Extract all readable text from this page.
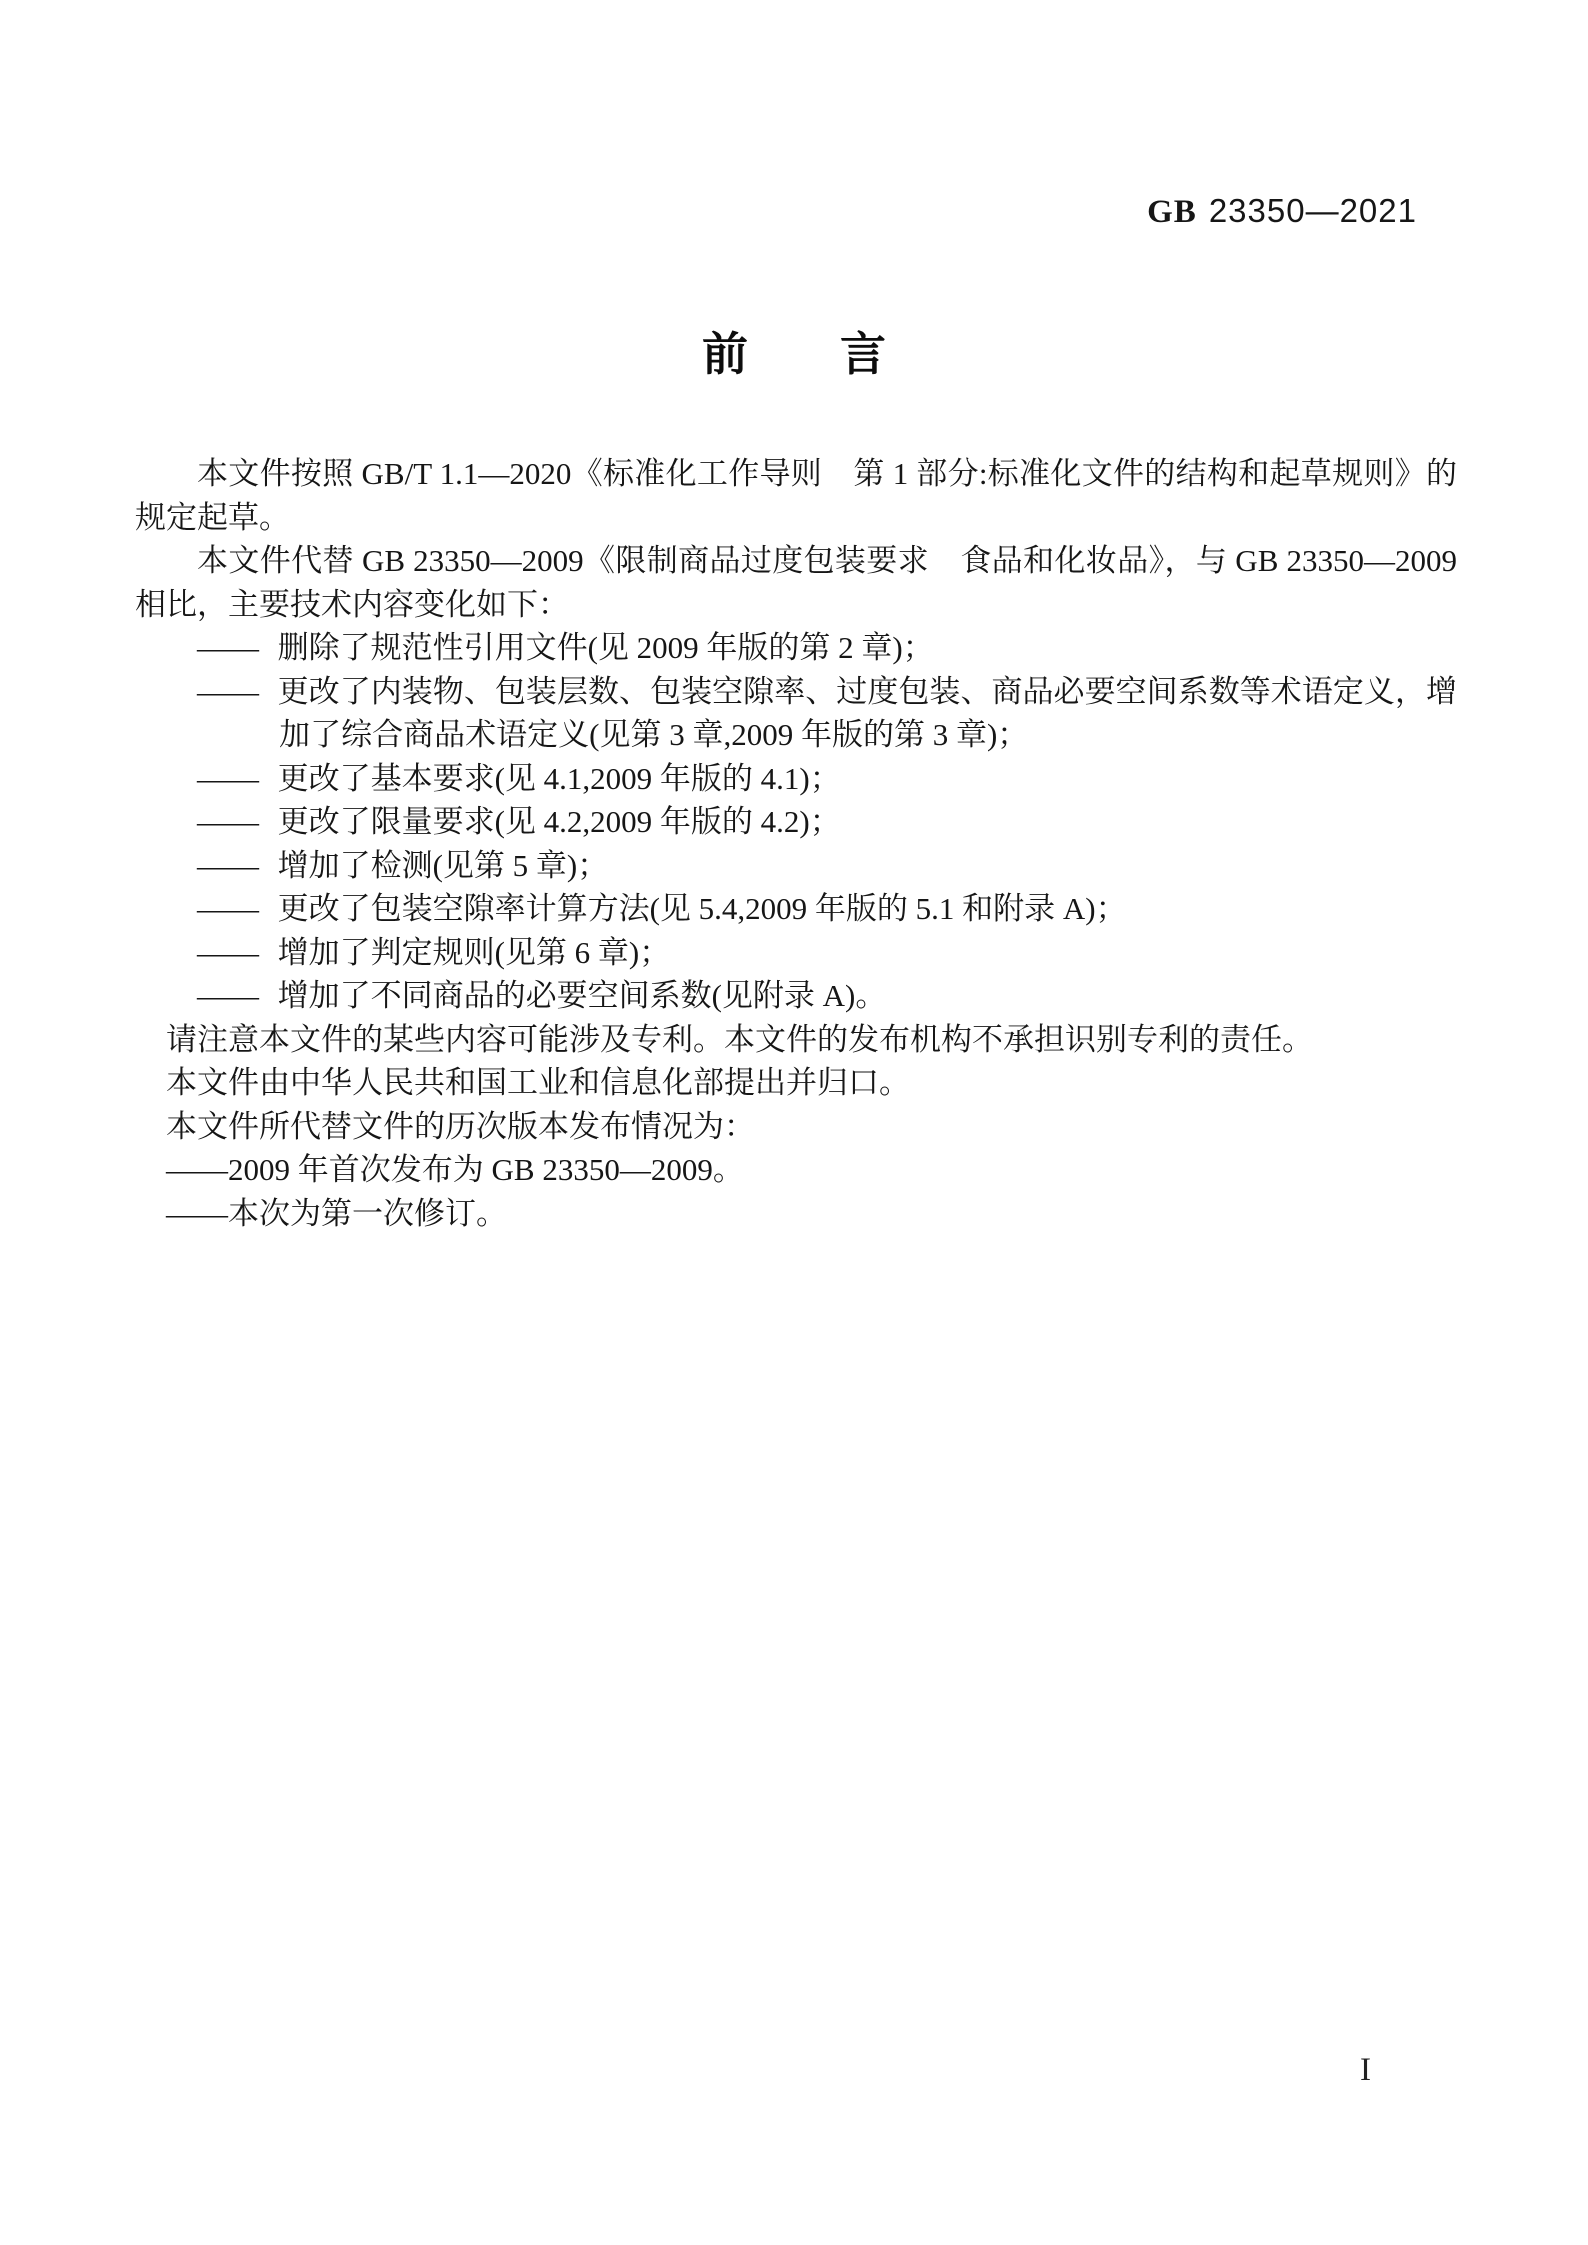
GB 23350—2021
前　　言
本文件按照 GB/T 1.1—2020《标准化工作导则　第 1 部分:标准化文件的结构和起草规则》的规定起草。
本文件代替 GB 23350—2009《限制商品过度包装要求　食品和化妆品》，与 GB 23350—2009 相比，主要技术内容变化如下：
—— 删除了规范性引用文件(见 2009 年版的第 2 章)；
—— 更改了内装物、包装层数、包装空隙率、过度包装、商品必要空间系数等术语定义，增加了综合商品术语定义(见第 3 章,2009 年版的第 3 章)；
—— 更改了基本要求(见 4.1,2009 年版的 4.1)；
—— 更改了限量要求(见 4.2,2009 年版的 4.2)；
—— 增加了检测(见第 5 章)；
—— 更改了包装空隙率计算方法(见 5.4,2009 年版的 5.1 和附录 A)；
—— 增加了判定规则(见第 6 章)；
—— 增加了不同商品的必要空间系数(见附录 A)。
请注意本文件的某些内容可能涉及专利。本文件的发布机构不承担识别专利的责任。
本文件由中华人民共和国工业和信息化部提出并归口。
本文件所代替文件的历次版本发布情况为：
——2009 年首次发布为 GB 23350—2009。
——本次为第一次修订。
I
